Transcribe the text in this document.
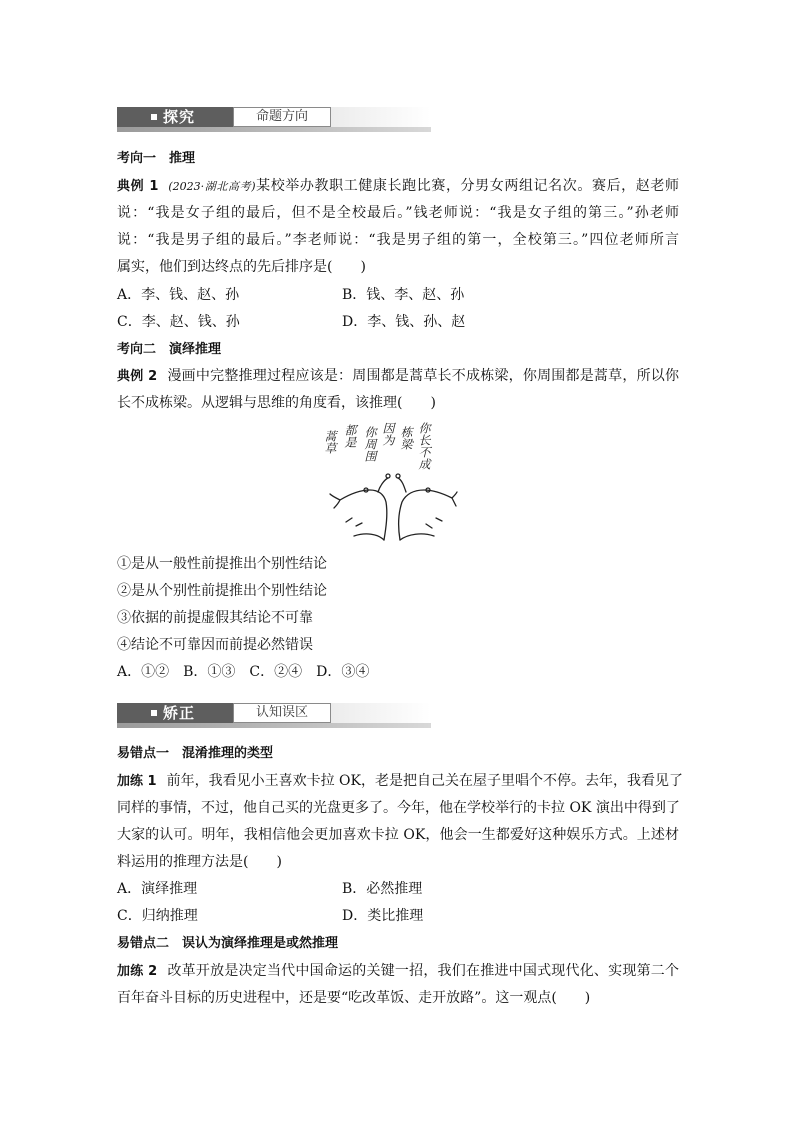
探究	命题方向
考向一　推理
典例 1 (2023·湖北高考)某校举办教职工健康长跑比赛，分男女两组记名次。赛后，赵老师
说：“我是女子组的最后，但不是全校最后。”钱老师说：“我是女子组的第三。”孙老师
说：“我是男子组的最后。”李老师说：“我是男子组的第一，全校第三。”四位老师所言
属实，他们到达终点的先后排序是(　　)
A．李、钱、赵、孙	B．钱、李、赵、孙
C．李、赵、钱、孙	D．李、钱、孙、赵
考向二　演绎推理
典例 2 漫画中完整推理过程应该是：周围都是蒿草长不成栋梁，你周围都是蒿草，所以你
长不成栋梁。从逻辑与思维的角度看，该推理(　　)
蒿草 都是 你周围 因为 栋梁 你长不成
①是从一般性前提推出个别性结论
②是从个别性前提推出个别性结论
③依据的前提虚假其结论不可靠
④结论不可靠因而前提必然错误
A．①②　B．①③　C．②④　D．③④
矫正	认知误区
易错点一　混淆推理的类型
加练 1 前年，我看见小王喜欢卡拉 OK，老是把自己关在屋子里唱个不停。去年，我看见了
同样的事情，不过，他自己买的光盘更多了。今年，他在学校举行的卡拉 OK 演出中得到了
大家的认可。明年，我相信他会更加喜欢卡拉 OK，他会一生都爱好这种娱乐方式。上述材
料运用的推理方法是(　　)
A．演绎推理	B．必然推理
C．归纳推理	D．类比推理
易错点二　误认为演绎推理是或然推理
加练 2 改革开放是决定当代中国命运的关键一招，我们在推进中国式现代化、实现第二个
百年奋斗目标的历史进程中，还是要“吃改革饭、走开放路”。这一观点(　　)
